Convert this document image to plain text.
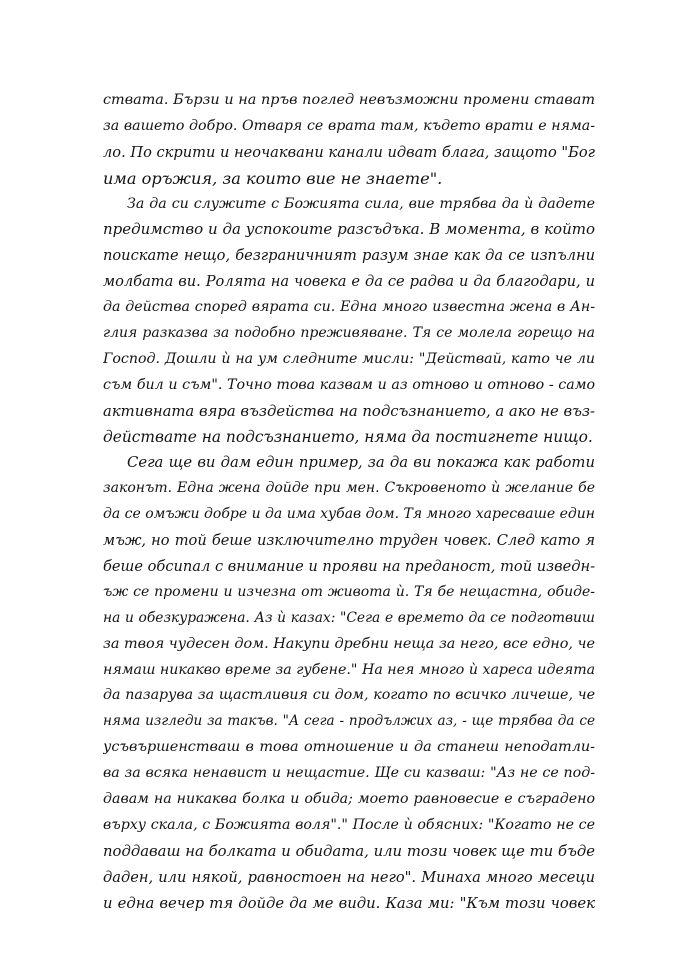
ствата. Бързи и на пръв поглед невъзможни промени стават
за вашето добро. Отваря се врата там, където врати е няма-
ло. По скрити и неочаквани канали идват блага, защото "Бог
има оръжия, за които вие не знаете".
За да си служите с Божията сила, вие трябва да ѝ дадете
предимство и да успокоите разсъдъка. В момента, в който
поискате нещо, безграничният разум знае как да се изпълни
молбата ви. Ролята на човека е да се радва и да благодари, и
да действа според вярата си. Една много известна жена в Ан-
глия разказва за подобно преживяване. Тя се молела горещо на
Господ. Дошли ѝ на ум следните мисли: "Действай, като че ли
съм бил и съм". Точно това казвам и аз отново и отново - само
активната вяра въздейства на подсъзнанието, а ако не въз-
действате на подсъзнанието, няма да постигнете нищо.
Сега ще ви дам един пример, за да ви покажа как работи
законът. Една жена дойде при мен. Съкровеното ѝ желание бе
да се омъжи добре и да има хубав дом. Тя много харесваше един
мъж, но той беше изключително труден човек. След като я
беше обсипал с внимание и прояви на преданост, той изведн-
ъж се промени и изчезна от живота ѝ. Тя бе нещастна, обиде-
на и обезкуражена. Аз ѝ казах: "Сега е времето да се подготвиш
за твоя чудесен дом. Накупи дребни неща за него, все едно, че
нямаш никакво време за губене." На нея много ѝ хареса идеята
да пазарува за щастливия си дом, когато по всичко личеше, че
няма изгледи за такъв. "А сега - продължих аз, - ще трябва да се
усъвършенстваш в това отношение и да станеш неподатли-
ва за всяка ненавист и нещастие. Ще си казваш: "Аз не се под-
давам на никаква болка и обида; моето равновесие е съградено
върху скала, с Божията воля"." После ѝ обясних: "Когато не се
поддаваш на болката и обидата, или този човек ще ти бъде
даден, или някой, равностоен на него". Минаха много месеци
и една вечер тя дойде да ме види. Каза ми: "Към този човек
